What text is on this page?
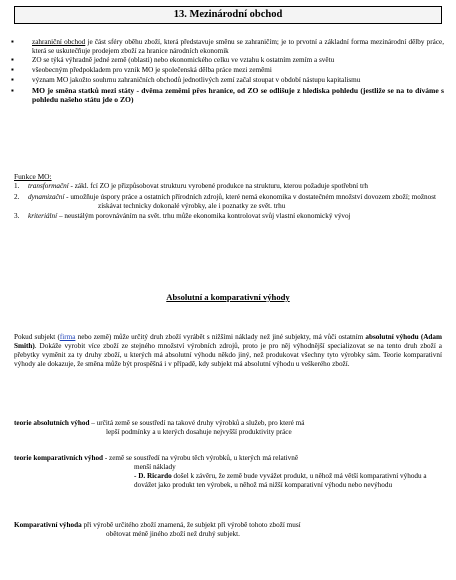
13. Mezinárodní obchod
▪	zahraniční obchod je část sféry oběhu zboží, která představuje směnu se zahraničím; je to prvotní a základní forma mezinárodní dělby práce, která se uskutečňuje prodejem zboží za hranice národních ekonomik
▪	ZO se týká výhradně jedné země (oblasti) nebo ekonomického celku ve vztahu k ostatním zemím a světu
▪	všeobecným předpokladem pro vznik MO je společenská dělba práce mezi zeměmi
▪	význam MO jakožto souhrnu zahraničních obchodů jednotlivých zemí začal stoupat v období nástupu kapitalismu
▪ MO je směna statků mezi státy - dvěma zeměmi přes hranice, od ZO se odlišuje z hlediska pohledu (jestliže se na to díváme s pohledu našeho státu jde o ZO)
Funkce MO:
1. transformační - zákl. fcí ZO je přizpůsobovat strukturu vyrobené produkce na strukturu, kterou požaduje spotřební trh
2. dynamizační - umožňuje úspory práce a ostatních přírodních zdrojů, které nemá ekonomika v dostatečném množství dovozem zboží; možnost získávat technicky dokonalé výrobky, ale i poznatky ze svět. trhu
3. kriteriální – neustálým porovnáváním na svět. trhu může ekonomika kontrolovat svůj vlastní ekonomický vývoj
Absolutní a komparativní výhody
Pokud subjekt (firma nebo země) může určitý druh zboží vyrábět s nižšími náklady než jiné subjekty, má vůči ostatním absolutní výhodu (Adam Smith). Dokáže vyrobit více zboží ze stejného množství výrobních zdrojů, proto je pro něj výhodnější specializovat se na tento druh zboží a přebytky vyměnit za ty druhy zboží, u kterých má absolutní výhodu někdo jiný, než produkovat všechny tyto výrobky sám. Teorie komparativní výhody ale dokazuje, že směna může být prospěšná i v případě, kdy subjekt má absolutní výhodu u veškerého zboží.
teorie absolutních výhod – určitá země se soustředí na takové druhy výrobků a služeb, pro které má
lepší podmínky a u kterých dosahuje nejvyšší produktivity práce
teorie komparativních výhod - země se soustředí na výrobu těch výrobků, u kterých má relativně
menší náklady
- D. Ricardo došel k závěru, že země bude vyvážet produkt, u něhož má větší komparativní výhodu a dovážet jako produkt ten výrobek, u něhož má nižší komparativní výhodu nebo nevýhodu
Komparativní výhoda při výrobě určitého zboží znamená, že subjekt při výrobě tohoto zboží musí
obětovat méně jiného zboží než druhý subjekt.
